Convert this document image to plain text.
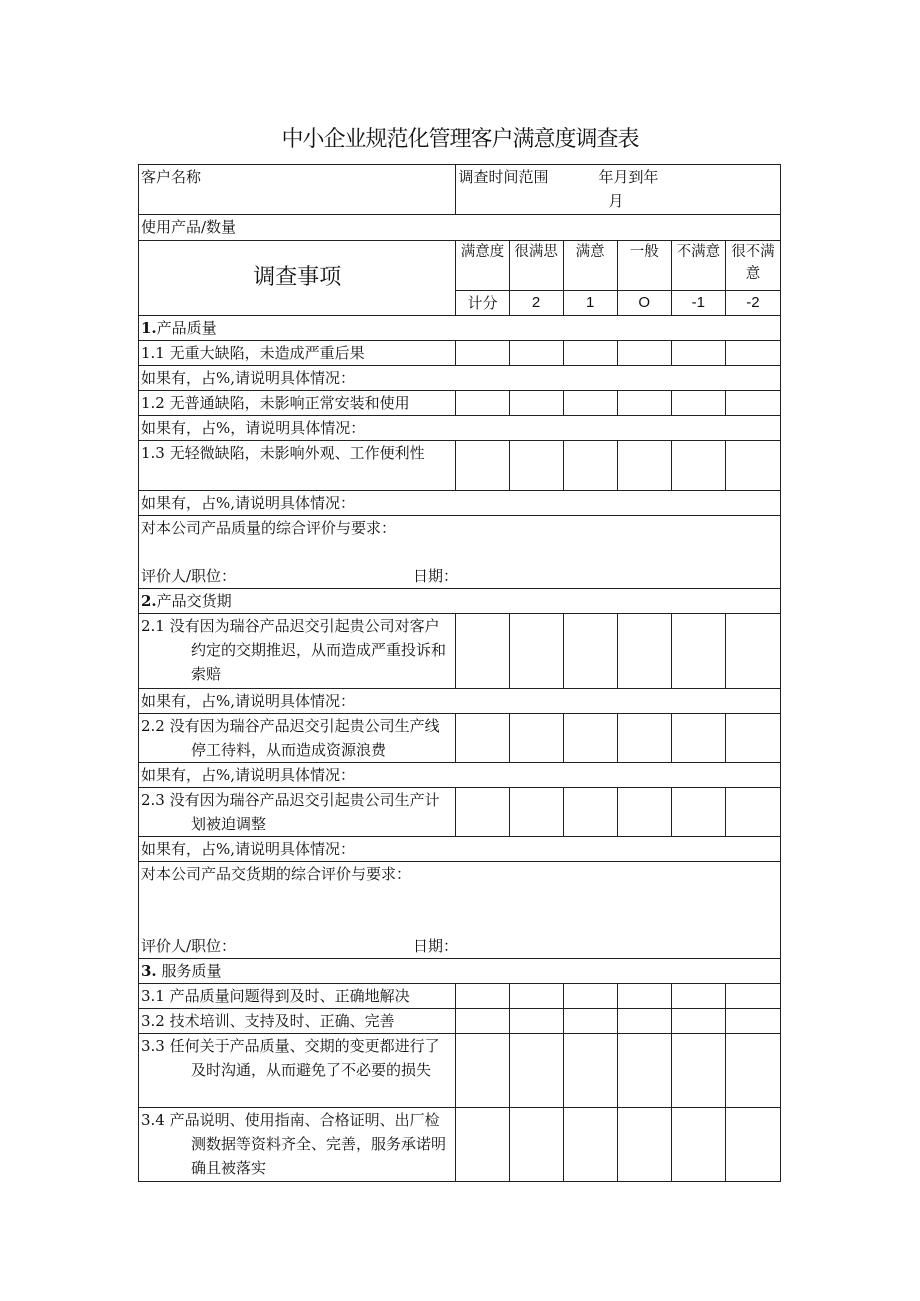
中小企业规范化管理客户满意度调查表
客户名称	调查时间范围 年月到年
月					
使用产品/数量						
调查事项	满意度	很满思	满意	一般	不满意	很不满意
	计分	2	1	O	-1	-2
1.产品质量						
1.1 无重大缺陷，未造成严重后果						
如果有，占%,请说明具体情况：						
1.2 无普通缺陷，未影响正常安装和使用						
如果有，占%，请说明具体情况：						
1.3 无轻微缺陷，未影响外观、工作便利性						
如果有，占%,请说明具体情况：						
对本公司产品质量的综合评价与要求：
评价人/职位： 日期：						

2.产品交货期						
2.1 没有因为瑞谷产品迟交引起贵公司对客户约定的交期推迟，从而造成严重投诉和索赔						
如果有，占%,请说明具体情况：						
2.2 没有因为瑞谷产品迟交引起贵公司生产线停工待料，从而造成资源浪费						
如果有，占%,请说明具体情况：						
2.3 没有因为瑞谷产品迟交引起贵公司生产计划被迫调整						
如果有，占%,请说明具体情况：						
对本公司产品交货期的综合评价与要求：
评价人/职位： 日期：						

3. 服务质量						
3.1 产品质量问题得到及时、正确地解决						
3.2 技术培训、支持及时、正确、完善						
3.3 任何关于产品质量、交期的变更都进行了及时沟通，从而避免了不必要的损失						
3.4 产品说明、使用指南、合格证明、出厂检测数据等资料齐全、完善，服务承诺明确且被落实						
